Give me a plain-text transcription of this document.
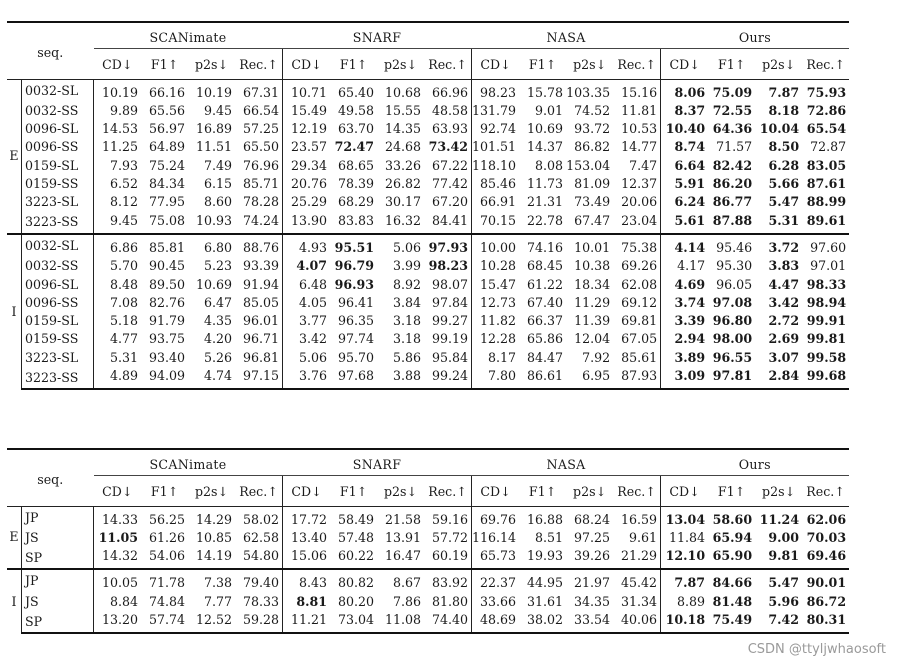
seq.		SCANimate				SNARF				NASA				Ours			
		CD↓	F1↑	p2s↓	Rec.↑	CD↓	F1↑	p2s↓	Rec.↑	CD↓	F1↑	p2s↓	Rec.↑	CD↓	F1↑	p2s↓	Rec.↑
E	0032-SL	10.19	66.16	10.19	67.31	10.71	65.40	10.68	66.96	98.23	15.78	103.35	15.16	8.06	75.09	7.87	75.93
	0032-SS	9.89	65.56	9.45	66.54	15.49	49.58	15.55	48.58	131.79	9.01	74.52	11.81	8.37	72.55	8.18	72.86
	0096-SL	14.53	56.97	16.89	57.25	12.19	63.70	14.35	63.93	92.74	10.69	93.72	10.53	10.40	64.36	10.04	65.54
	0096-SS	11.25	64.89	11.51	65.50	23.57	72.47	24.68	73.42	101.51	14.37	86.82	14.77	8.74	71.57	8.50	72.87
	0159-SL	7.93	75.24	7.49	76.96	29.34	68.65	33.26	67.22	118.10	8.08	153.04	7.47	6.64	82.42	6.28	83.05
	0159-SS	6.52	84.34	6.15	85.71	20.76	78.39	26.82	77.42	85.46	11.73	81.09	12.37	5.91	86.20	5.66	87.61
	3223-SL	8.12	77.95	8.60	78.28	25.29	68.29	30.17	67.20	66.91	21.31	73.49	20.06	6.24	86.77	5.47	88.99
	3223-SS	9.45	75.08	10.93	74.24	13.90	83.83	16.32	84.41	70.15	22.78	67.47	23.04	5.61	87.88	5.31	89.61
I	0032-SL	6.86	85.81	6.80	88.76	4.93	95.51	5.06	97.93	10.00	74.16	10.01	75.38	4.14	95.46	3.72	97.60
	0032-SS	5.70	90.45	5.23	93.39	4.07	96.79	3.99	98.23	10.28	68.45	10.38	69.26	4.17	95.30	3.83	97.01
	0096-SL	8.48	89.50	10.69	91.94	6.48	96.93	8.92	98.07	15.47	61.22	18.34	62.08	4.69	96.05	4.47	98.33
	0096-SS	7.08	82.76	6.47	85.05	4.05	96.41	3.84	97.84	12.73	67.40	11.29	69.12	3.74	97.08	3.42	98.94
	0159-SL	5.18	91.79	4.35	96.01	3.77	96.35	3.18	99.27	11.82	66.37	11.39	69.81	3.39	96.80	2.72	99.91
	0159-SS	4.77	93.75	4.20	96.71	3.42	97.74	3.18	99.19	12.28	65.86	12.04	67.05	2.94	98.00	2.69	99.81
	3223-SL	5.31	93.40	5.26	96.81	5.06	95.70	5.86	95.84	8.17	84.47	7.92	85.61	3.89	96.55	3.07	99.58
	3223-SS	4.89	94.09	4.74	97.15	3.76	97.68	3.88	99.24	7.80	86.61	6.95	87.93	3.09	97.81	2.84	99.68
seq.		SCANimate				SNARF				NASA				Ours			
		CD↓	F1↑	p2s↓	Rec.↑	CD↓	F1↑	p2s↓	Rec.↑	CD↓	F1↑	p2s↓	Rec.↑	CD↓	F1↑	p2s↓	Rec.↑
E	JP	14.33	56.25	14.29	58.02	17.72	58.49	21.58	59.16	69.76	16.88	68.24	16.59	13.04	58.60	11.24	62.06
	JS	11.05	61.26	10.85	62.58	13.40	57.48	13.91	57.72	116.14	8.51	97.25	9.61	11.84	65.94	9.00	70.03
	SP	14.32	54.06	14.19	54.80	15.06	60.22	16.47	60.19	65.73	19.93	39.26	21.29	12.10	65.90	9.81	69.46
I	JP	10.05	71.78	7.38	79.40	8.43	80.82	8.67	83.92	22.37	44.95	21.97	45.42	7.87	84.66	5.47	90.01
	JS	8.84	74.84	7.77	78.33	8.81	80.20	7.86	81.80	33.66	31.61	34.35	31.34	8.89	81.48	5.96	86.72
	SP	13.20	57.74	12.52	59.28	11.21	73.04	11.08	74.40	48.69	38.02	33.54	40.06	10.18	75.49	7.42	80.31
CSDN @ttyljwhaosoft
